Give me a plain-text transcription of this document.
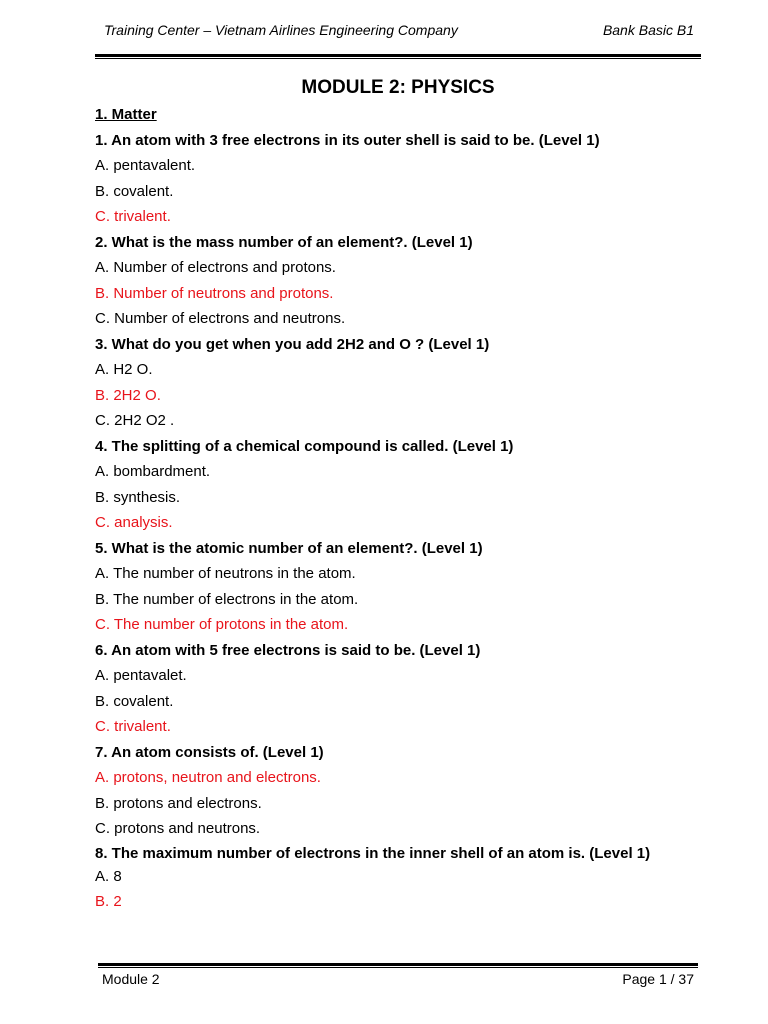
Training Center – Vietnam Airlines Engineering Company	Bank Basic B1
MODULE 2: PHYSICS
1. Matter
1. An atom with 3 free electrons in its outer shell is said to be. (Level 1)
A. pentavalent.
B. covalent.
C. trivalent.
2. What is the mass number of an element?. (Level 1)
A. Number of electrons and protons.
B. Number of neutrons and protons.
C. Number of electrons and neutrons.
3. What do you get when you add 2H2 and O ? (Level 1)
A. H2 O.
B. 2H2 O.
C. 2H2 O2 .
4. The splitting of a chemical compound is called. (Level 1)
A. bombardment.
B. synthesis.
C. analysis.
5. What is the atomic number of an element?. (Level 1)
A. The number of neutrons in the atom.
B. The number of electrons in the atom.
C. The number of protons in the atom.
6. An atom with 5 free electrons is said to be. (Level 1)
A. pentavalet.
B. covalent.
C. trivalent.
7. An atom consists of. (Level 1)
A. protons, neutron and electrons.
B. protons and electrons.
C. protons and neutrons.
8. The maximum number of electrons in the inner shell of an atom is. (Level 1)
A. 8
B. 2
Module 2	Page 1 / 37
